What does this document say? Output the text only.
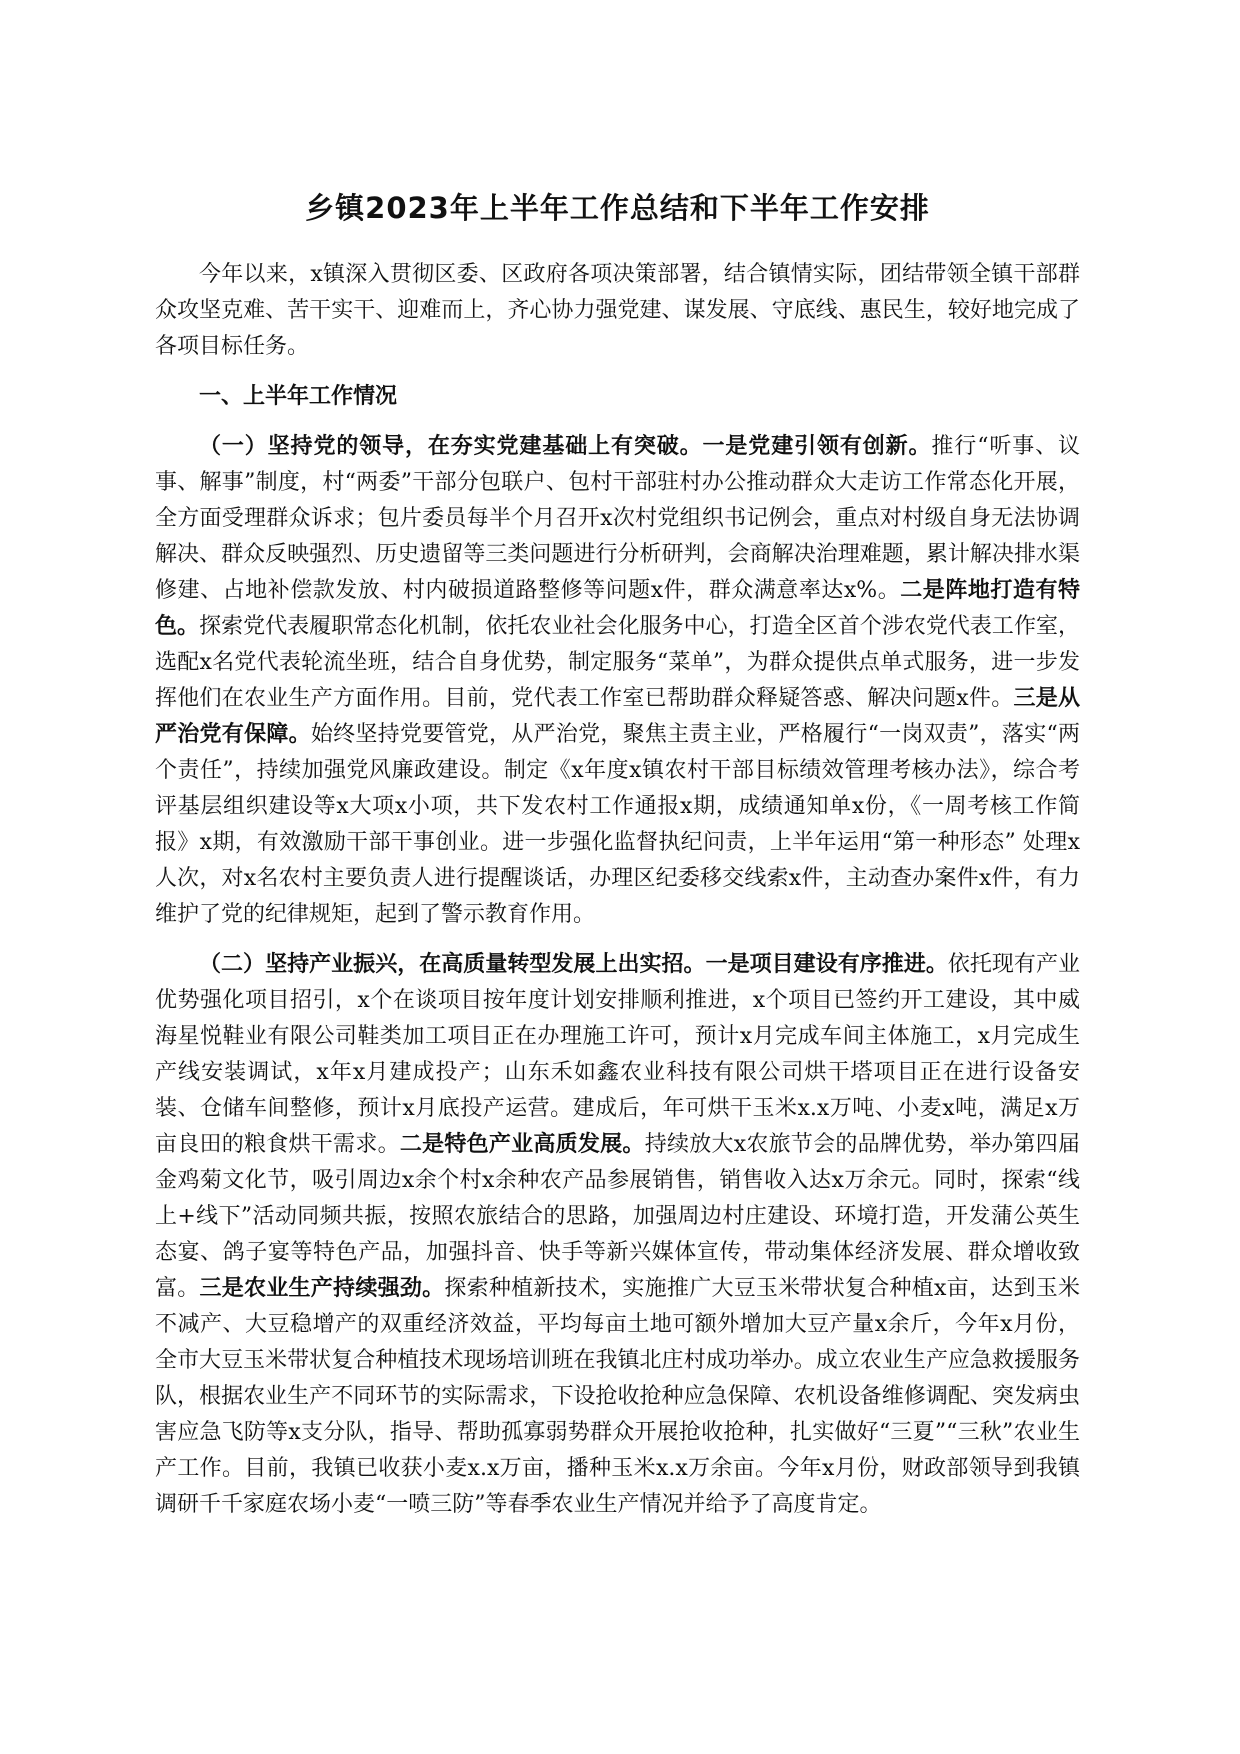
乡镇2023年上半年工作总结和下半年工作安排

今年以来，x镇深入贯彻区委、区政府各项决策部署，结合镇情实际，团结带领全镇干部群众攻坚克难、苦干实干、迎难而上，齐心协力强党建、谋发展、守底线、惠民生，较好地完成了各项目标任务。

一、上半年工作情况

（一）坚持党的领导，在夯实党建基础上有突破。一是党建引领有创新。推行“听事、议事、解事”制度，村“两委”干部分包联户、包村干部驻村办公推动群众大走访工作常态化开展，全方面受理群众诉求；包片委员每半个月召开x次村党组织书记例会，重点对村级自身无法协调解决、群众反映强烈、历史遗留等三类问题进行分析研判，会商解决治理难题，累计解决排水渠修建、占地补偿款发放、村内破损道路整修等问题x件，群众满意率达x%。二是阵地打造有特色。探索党代表履职常态化机制，依托农业社会化服务中心，打造全区首个涉农党代表工作室，选配x名党代表轮流坐班，结合自身优势，制定服务“菜单”，为群众提供点单式服务，进一步发挥他们在农业生产方面作用。目前，党代表工作室已帮助群众释疑答惑、解决问题x件。三是从严治党有保障。始终坚持党要管党，从严治党，聚焦主责主业，严格履行“一岗双责”，落实“两个责任”，持续加强党风廉政建设。制定《x年度x镇农村干部目标绩效管理考核办法》，综合考评基层组织建设等x大项x小项，共下发农村工作通报x期，成绩通知单x份，《一周考核工作简报》x期，有效激励干部干事创业。进一步强化监督执纪问责，上半年运用“第一种形态” 处理x人次，对x名农村主要负责人进行提醒谈话，办理区纪委移交线索x件，主动查办案件x件，有力维护了党的纪律规矩，起到了警示教育作用。

（二）坚持产业振兴，在高质量转型发展上出实招。一是项目建设有序推进。依托现有产业优势强化项目招引，x个在谈项目按年度计划安排顺利推进，x个项目已签约开工建设，其中威海星悦鞋业有限公司鞋类加工项目正在办理施工许可，预计x月完成车间主体施工，x月完成生产线安装调试，x年x月建成投产；山东禾如鑫农业科技有限公司烘干塔项目正在进行设备安装、仓储车间整修，预计x月底投产运营。建成后，年可烘干玉米x.x万吨、小麦x吨，满足x万亩良田的粮食烘干需求。二是特色产业高质发展。持续放大x农旅节会的品牌优势，举办第四届金鸡菊文化节，吸引周边x余个村x余种农产品参展销售，销售收入达x万余元。同时，探索“线上+线下”活动同频共振，按照农旅结合的思路，加强周边村庄建设、环境打造，开发蒲公英生态宴、鸽子宴等特色产品，加强抖音、快手等新兴媒体宣传，带动集体经济发展、群众增收致富。三是农业生产持续强劲。探索种植新技术，实施推广大豆玉米带状复合种植x亩，达到玉米不减产、大豆稳增产的双重经济效益，平均每亩土地可额外增加大豆产量x余斤，今年x月份，全市大豆玉米带状复合种植技术现场培训班在我镇北庄村成功举办。成立农业生产应急救援服务队，根据农业生产不同环节的实际需求，下设抢收抢种应急保障、农机设备维修调配、突发病虫害应急飞防等x支分队，指导、帮助孤寡弱势群众开展抢收抢种，扎实做好“三夏”“三秋”农业生产工作。目前，我镇已收获小麦x.x万亩，播种玉米x.x万余亩。今年x月份，财政部领导到我镇调研千千家庭农场小麦“一喷三防”等春季农业生产情况并给予了高度肯定。
